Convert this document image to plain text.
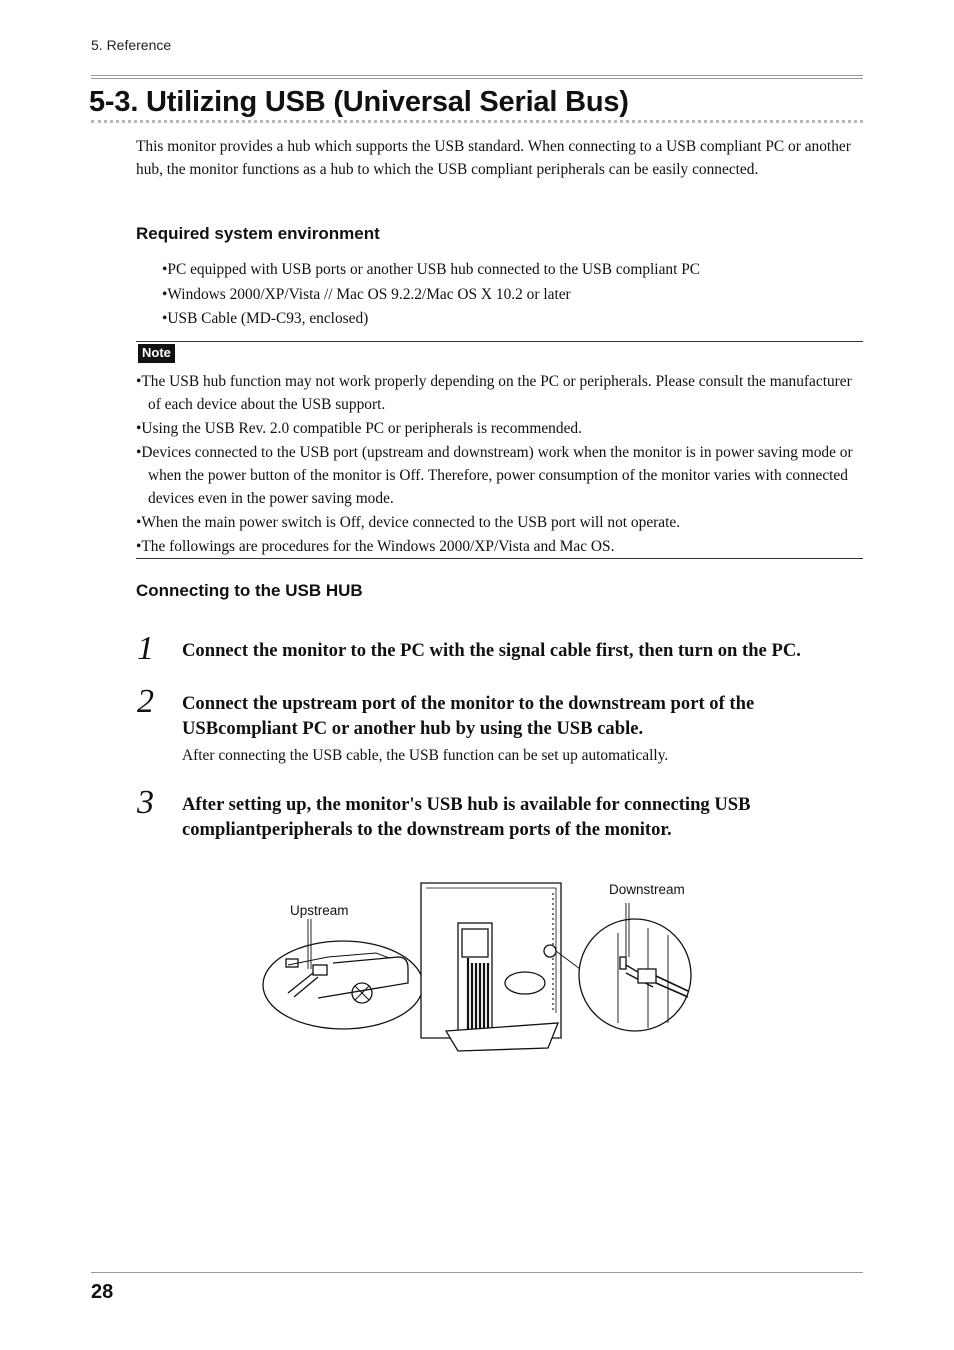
5. Reference
5-3. Utilizing USB (Universal Serial Bus)
This monitor provides a hub which supports the USB standard. When connecting to a USB compliant PC or another hub, the monitor functions as a hub to which the USB compliant peripherals can be easily connected.
Required system environment
•PC equipped with USB ports or another USB hub connected to the USB compliant PC
•Windows 2000/XP/Vista // Mac OS 9.2.2/Mac OS X 10.2 or later
•USB Cable (MD-C93, enclosed)
Note
•The USB hub function may not work properly depending on the PC or peripherals. Please consult the manufacturer of each device about the USB support.
•Using the USB Rev. 2.0 compatible PC or peripherals is recommended.
•Devices connected to the USB port (upstream and downstream) work when the monitor is in power saving mode or when the power button of the monitor is Off. Therefore, power consumption of the monitor varies with connected devices even in the power saving mode.
•When the main power switch is Off, device connected to the USB port will not operate.
•The followings are procedures for the Windows 2000/XP/Vista and Mac OS.
Connecting to the USB HUB
1 Connect the monitor to the PC with the signal cable first, then turn on the PC.
2 Connect the upstream port of the monitor to the downstream port of the USBcompliant PC or another hub by using the USB cable.
After connecting the USB cable, the USB function can be set up automatically.
3 After setting up, the monitor's USB hub is available for connecting USB compliantperipherals to the downstream ports of the monitor.
Upstream
Downstream
28
